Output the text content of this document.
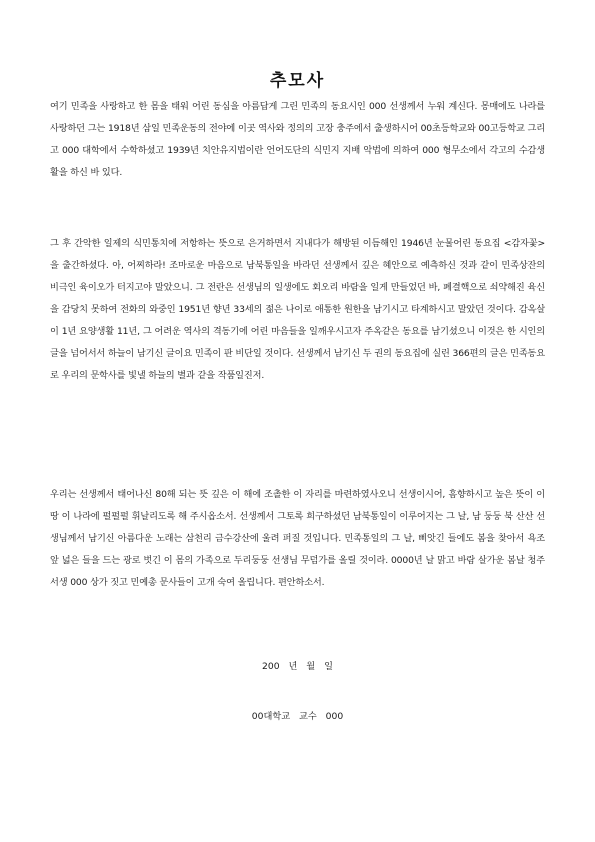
추모사

여기 민족을 사랑하고 한 몸을 태워 어린 동심을 아름답게 그린 민족의 동요시인 000 선생께서 누워 계신다. 몽매에도 나라를 사랑하던 그는 1918년 삼일 민족운동의 전야에 이곳 역사와 정의의 고장 충주에서 출생하시어 00초등학교와 00고등학교 그리고 000 대학에서 수학하셨고 1939년 치안유지법이란 언어도단의 식민지 지배 악법에 의하여 000 형무소에서 각고의 수감생활을 하신 바 있다.

그 후 간악한 일제의 식민통치에 저항하는 뜻으로 은거하면서 지내다가 해방된 이듬해인 1946년 눈물어린 동요집 <감자꽃>을 출간하셨다. 아, 어찌하라! 조마로운 마음으로 남북통일을 바라던 선생께서 깊은 혜안으로 예측하신 것과 같이 민족상잔의 비극인 육이오가 터지고야 말았으니. 그 전란은 선생님의 일생에도 회오리 바람을 일게 만들었던 바, 폐결핵으로 쇠약해진 육신을 감당치 못하여 전화의 와중인 1951년 향년 33세의 젊은 나이로 애통한 원한을 남기시고 타계하시고 말았던 것이다. 감옥살이 1년 요양생활 11년, 그 어려운 역사의 격동기에 어린 마음들을 일깨우시고자 주옥같은 동요를 남기셨으니 이것은 한 시인의 글을 넘어서서 하늘이 남기신 글이요 민족이 판 비단일 것이다. 선생께서 남기신 두 권의 동요집에 실린 366편의 글은 민족동요로 우리의 문학사를 빛낼 하늘의 별과 같을 작품일진저.

우리는 선생께서 태어나신 80해 되는 뜻 깊은 이 해에 조촐한 이 자리를 마련하였사오니 선생이시어, 흠향하시고 높은 뜻이 이 땅 이 나라에 펄펄펄 휘날리도록 해 주시옵소서. 선생께서 그토록 희구하셨던 남북통일이 이루어지는 그 날, 남 둥둥 북 산산 선생님께서 남기신 아름다운 노래는 삼천리 금수강산에 울려 퍼질 것입니다. 민족통일의 그 날, 삐앗긴 들에도 봄을 찾아서 욕조 앞 넓은 들을 드는 광로 벗긴 이 몸의 가족으로 두리둥둥 선생님 무덤가를 올릴 것이라. 0000년 날 맑고 바람 살가운 봄날 청주 서생 000 상가 짓고 민예총 문사들이 고개 숙여 올립니다. 편안하소서.

200 년 월 일
00대학교 교수 000
